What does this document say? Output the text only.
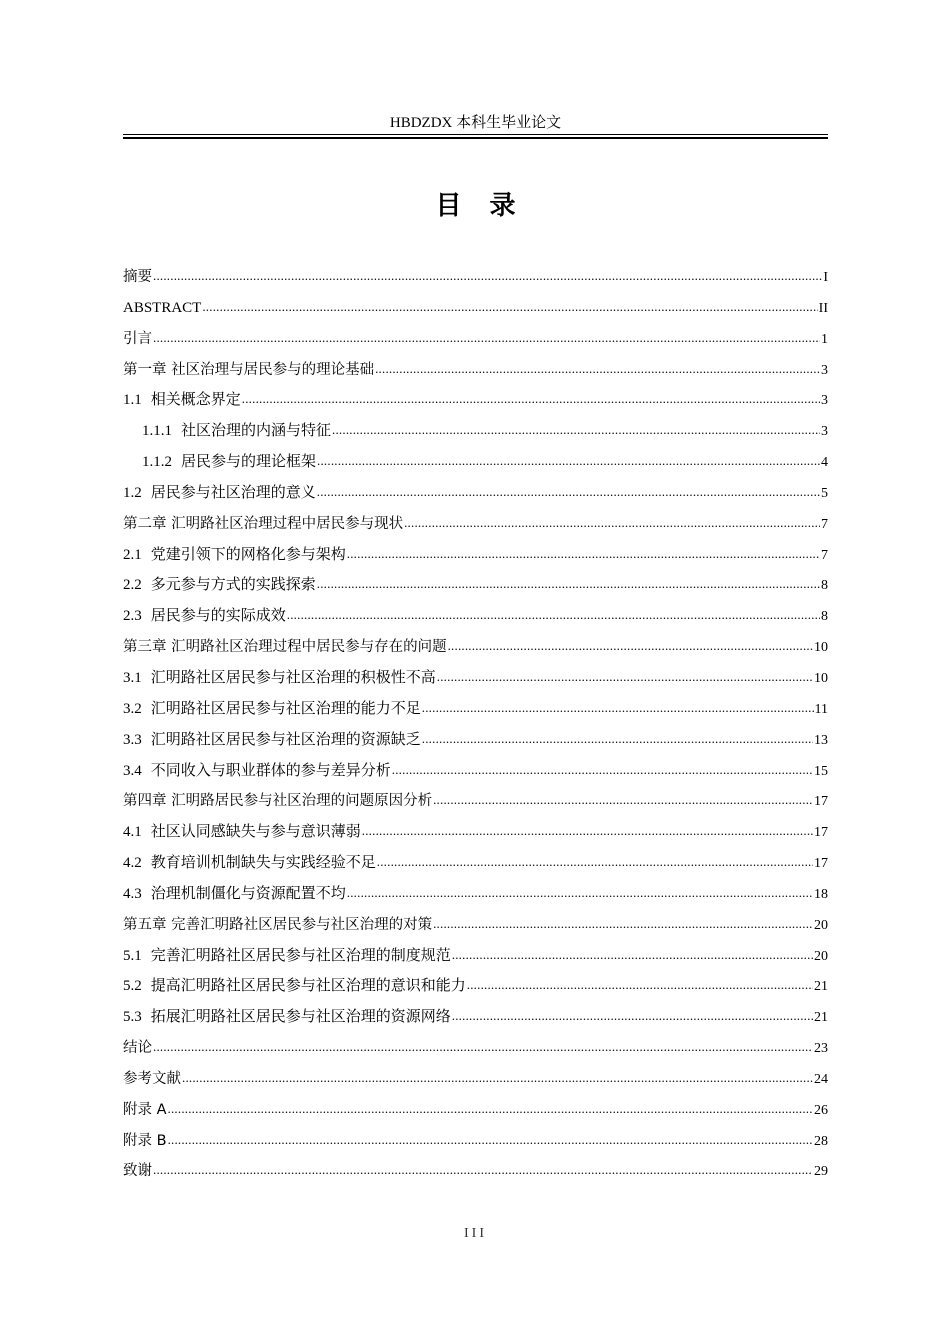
HBDZDX 本科生毕业论文
目录
摘要 .....	I
ABSTRACT .....	II
引言 .....	1
第一章 社区治理与居民参与的理论基础 .....	3
1.1 相关概念界定 .....	3
1.1.1 社区治理的内涵与特征 .....	3
1.1.2 居民参与的理论框架 .....	4
1.2 居民参与社区治理的意义 .....	5
第二章 汇明路社区治理过程中居民参与现状 .....	7
2.1 党建引领下的网格化参与架构 .....	7
2.2 多元参与方式的实践探索 .....	8
2.3 居民参与的实际成效 .....	8
第三章 汇明路社区治理过程中居民参与存在的问题 .....	10
3.1 汇明路社区居民参与社区治理的积极性不高 .....	10
3.2 汇明路社区居民参与社区治理的能力不足 .....	11
3.3 汇明路社区居民参与社区治理的资源缺乏 .....	13
3.4 不同收入与职业群体的参与差异分析 .....	15
第四章 汇明路居民参与社区治理的问题原因分析 .....	17
4.1 社区认同感缺失与参与意识薄弱 .....	17
4.2 教育培训机制缺失与实践经验不足 .....	17
4.3 治理机制僵化与资源配置不均 .....	18
第五章 完善汇明路社区居民参与社区治理的对策 .....	20
5.1 完善汇明路社区居民参与社区治理的制度规范 .....	20
5.2 提高汇明路社区居民参与社区治理的意识和能力 .....	21
5.3 拓展汇明路社区居民参与社区治理的资源网络 .....	21
结论 .....	23
参考文献 .....	24
附录 A .....	26
附录 B .....	28
致谢 .....	29
III
